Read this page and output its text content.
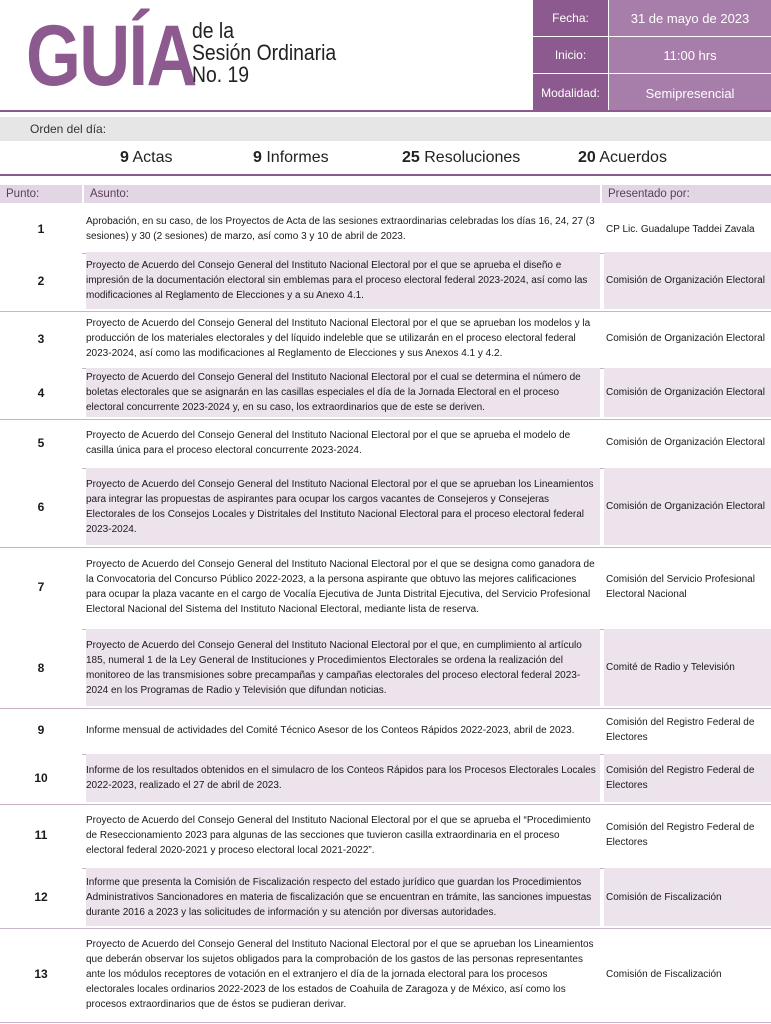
GUÍA
de la
Sesión Ordinaria
No. 19
Fecha:	31 de mayo de 2023
Inicio:	11:00 hrs
Modalidad:	Semipresencial
Orden del día:
9 Actas	9 Informes	25 Resoluciones	20 Acuerdos
Punto:	Asunto:	Presentado por:
1
Aprobación, en su caso, de los Proyectos de Acta de las sesiones extraordinarias celebradas los días 16, 24, 27 (3 sesiones) y 30 (2 sesiones) de marzo, así como 3 y 10 de abril de 2023.
CP Lic. Guadalupe Taddei Zavala
2
Proyecto de Acuerdo del Consejo General del Instituto Nacional Electoral por el que se aprueba el diseño e impresión de la documentación electoral sin emblemas para el proceso electoral federal 2023-2024, así como las modificaciones al Reglamento de Elecciones y a su Anexo 4.1.
Comisión de Organización Electoral
3
Proyecto de Acuerdo del Consejo General del Instituto Nacional Electoral por el que se aprueban los modelos y la producción de los materiales electorales y del líquido indeleble que se utilizarán en el proceso electoral federal 2023-2024, así como las modificaciones al Reglamento de Elecciones y sus Anexos 4.1 y 4.2.
Comisión de Organización Electoral
4
Proyecto de Acuerdo del Consejo General del Instituto Nacional Electoral por el cual se determina el número de boletas electorales que se asignarán en las casillas especiales el día de la Jornada Electoral en el proceso electoral concurrente 2023-2024 y, en su caso, los extraordinarios que de este se deriven.
Comisión de Organización Electoral
5
Proyecto de Acuerdo del Consejo General del Instituto Nacional Electoral por el que se aprueba el modelo de casilla única para el proceso electoral concurrente 2023-2024.
Comisión de Organización Electoral
6
Proyecto de Acuerdo del Consejo General del Instituto Nacional Electoral por el que se aprueban los Lineamientos para integrar las propuestas de aspirantes para ocupar los cargos vacantes de Consejeros y Consejeras Electorales de los Consejos Locales y Distritales del Instituto Nacional Electoral para el proceso electoral federal 2023-2024.
Comisión de Organización Electoral
7
Proyecto de Acuerdo del Consejo General del Instituto Nacional Electoral por el que se designa como ganadora de la Convocatoria del Concurso Público 2022-2023, a la persona aspirante que obtuvo las mejores calificaciones para ocupar la plaza vacante en el cargo de Vocalía Ejecutiva de Junta Distrital Ejecutiva, del Servicio Profesional Electoral Nacional del Sistema del Instituto Nacional Electoral, mediante lista de reserva.
Comisión del Servicio Profesional Electoral Nacional
8
Proyecto de Acuerdo del Consejo General del Instituto Nacional Electoral por el que, en cumplimiento al artículo 185, numeral 1 de la Ley General de Instituciones y Procedimientos Electorales se ordena la realización del monitoreo de las transmisiones sobre precampañas y campañas electorales del proceso electoral federal 2023-2024 en los Programas de Radio y Televisión que difundan noticias.
Comité de Radio y Televisión
9	Informe mensual de actividades del Comité Técnico Asesor de los Conteos Rápidos 2022-2023, abril de 2023.
Comisión del Registro Federal de Electores
10
Informe de los resultados obtenidos en el simulacro de los Conteos Rápidos para los Procesos Electorales Locales 2022-2023, realizado el 27 de abril de 2023.
Comisión del Registro Federal de Electores
11
Proyecto de Acuerdo del Consejo General del Instituto Nacional Electoral por el que se aprueba el “Procedimiento de Reseccionamiento 2023 para algunas de las secciones que tuvieron casilla extraordinaria en el proceso electoral federal 2020-2021 y proceso electoral local 2021-2022”.
Comisión del Registro Federal de Electores
12
Informe que presenta la Comisión de Fiscalización respecto del estado jurídico que guardan los Procedimientos Administrativos Sancionadores en materia de fiscalización que se encuentran en trámite, las sanciones impuestas durante 2016 a 2023 y las solicitudes de información y su atención por diversas autoridades.
Comisión de Fiscalización
13
Proyecto de Acuerdo del Consejo General del Instituto Nacional Electoral por el que se aprueban los Lineamientos que deberán observar los sujetos obligados para la comprobación de los gastos de las personas representantes ante los módulos receptores de votación en el extranjero el día de la jornada electoral para los procesos electorales locales ordinarios 2022-2023 de los estados de Coahuila de Zaragoza y de México, así como los procesos extraordinarios que de éstos se pudieran derivar.
Comisión de Fiscalización
